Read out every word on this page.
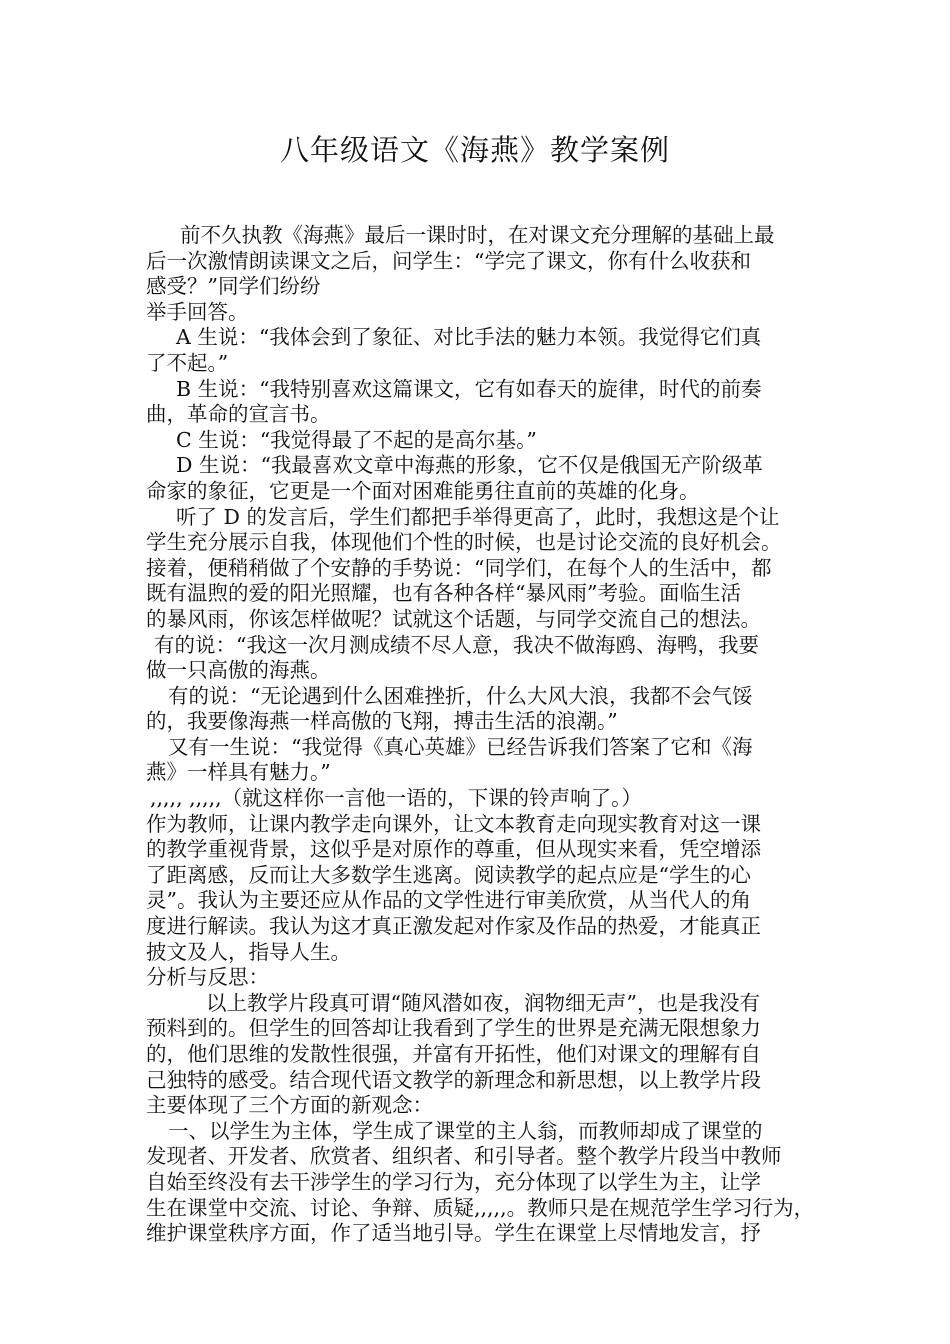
八年级语文《海燕》教学案例
前不久执教《海燕》最后一课时时，在对课文充分理解的基础上最
后一次激情朗读课文之后，问学生：“学完了课文，你有什么收获和
感受？”同学们纷纷
举手回答。
A 生说：“我体会到了象征、对比手法的魅力本领。我觉得它们真
了不起。”
B 生说：“我特别喜欢这篇课文，它有如春天的旋律，时代的前奏
曲，革命的宣言书。
C 生说：“我觉得最了不起的是高尔基。”
D 生说：“我最喜欢文章中海燕的形象，它不仅是俄国无产阶级革
命家的象征，它更是一个面对困难能勇往直前的英雄的化身。
听了 D 的发言后，学生们都把手举得更高了，此时，我想这是个让
学生充分展示自我，体现他们个性的时候，也是讨论交流的良好机会。
接着，便稍稍做了个安静的手势说：“同学们，在每个人的生活中，都
既有温煦的爱的阳光照耀，也有各种各样“暴风雨”考验。面临生活
的暴风雨，你该怎样做呢？试就这个话题，与同学交流自己的想法。
有的说：“我这一次月测成绩不尽人意，我决不做海鸥、海鸭，我要
做一只高傲的海燕。
有的说：“无论遇到什么困难挫折，什么大风大浪，我都不会气馁
的，我要像海燕一样高傲的飞翔，搏击生活的浪潮。”
又有一生说：“我觉得《真心英雄》已经告诉我们答案了它和《海
燕》一样具有魅力。”
,,,,, ,,,,,（就这样你一言他一语的，下课的铃声响了。）
作为教师，让课内教学走向课外，让文本教育走向现实教育对这一课
的教学重视背景，这似乎是对原作的尊重，但从现实来看，凭空增添
了距离感，反而让大多数学生逃离。阅读教学的起点应是“学生的心
灵”。我认为主要还应从作品的文学性进行审美欣赏，从当代人的角
度进行解读。我认为这才真正激发起对作家及作品的热爱，才能真正
披文及人，指导人生。
分析与反思：
以上教学片段真可谓“随风潜如夜，润物细无声”，也是我没有
预料到的。但学生的回答却让我看到了学生的世界是充满无限想象力
的，他们思维的发散性很强，并富有开拓性，他们对课文的理解有自
己独特的感受。结合现代语文教学的新理念和新思想，以上教学片段
主要体现了三个方面的新观念：
一、以学生为主体，学生成了课堂的主人翁，而教师却成了课堂的
发现者、开发者、欣赏者、组织者、和引导者。整个教学片段当中教师
自始至终没有去干涉学生的学习行为，充分体现了以学生为主，让学
生在课堂中交流、讨论、争辩、质疑,,,,,。教师只是在规范学生学习行为，
维护课堂秩序方面，作了适当地引导。学生在课堂上尽情地发言，抒
